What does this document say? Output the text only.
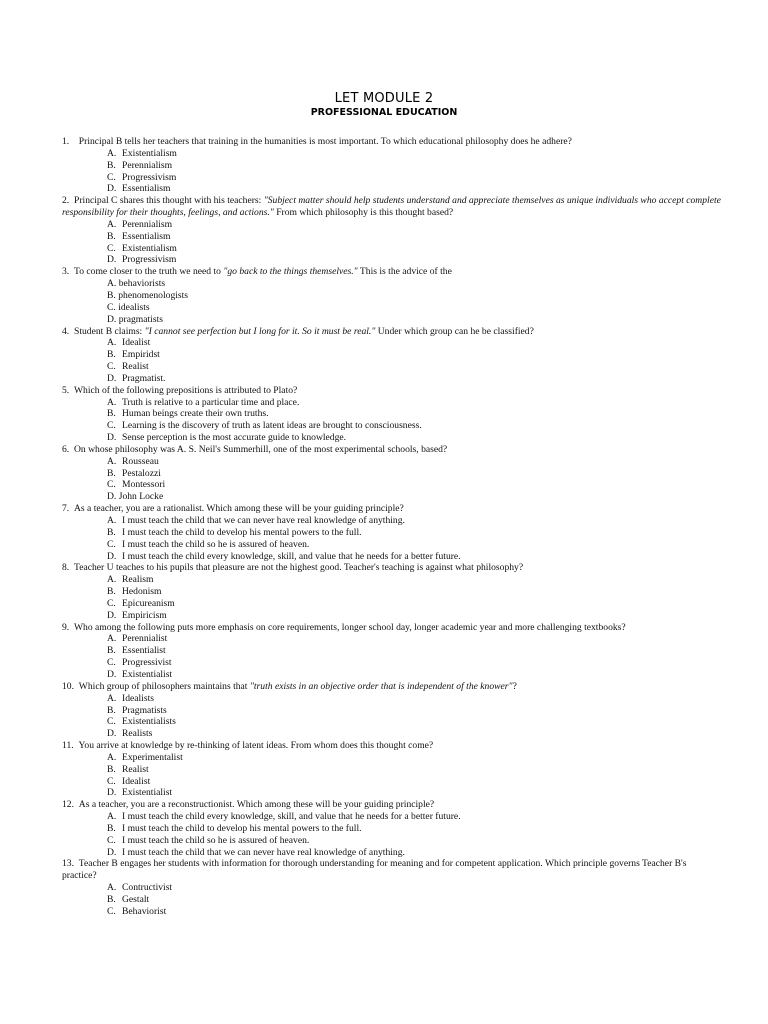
LET MODULE 2
PROFESSIONAL EDUCATION
1. Principal B tells her teachers that training in the humanities is most important. To which educational philosophy does he adhere?
A. Existentialism
B. Perennialism
C. Progressivism
D. Essentialism
2. Principal C shares this thought with his teachers: "Subject matter should help students understand and appreciate themselves as unique individuals who accept complete responsibility for their thoughts, feelings, and actions." From which philosophy is this thought based?
A. Perennialism
B. Essentialism
C. Existentialism
D. Progressivism
3. To come closer to the truth we need to "go back to the things themselves." This is the advice of the
A. behaviorists
B. phenomenologists
C. idealists
D. pragmatists
4. Student B claims: "I cannot see perfection but I long for it. So it must be real." Under which group can he be classified?
A. Idealist
B. Empiridst
C. Realist
D. Pragmatist.
5. Which of the following prepositions is attributed to Plato?
A. Truth is relative to a particular time and place.
B. Human beings create their own truths.
C. Learning is the discovery of truth as latent ideas are brought to consciousness.
D. Sense perception is the most accurate guide to knowledge.
6. On whose philosophy was A. S. Neil's Summerhill, one of the most experimental schools, based?
A. Rousseau
B. Pestalozzi
C. Montessori
D. John Locke
7. As a teacher, you are a rationalist. Which among these will be your guiding principle?
A. I must teach the child that we can never have real knowledge of anything.
B. I must teach the child to develop his mental powers to the full.
C. I must teach the child so he is assured of heaven.
D. I must teach the child every knowledge, skill, and value that he needs for a better future.
8. Teacher U teaches to his pupils that pleasure are not the highest good. Teacher's teaching is against what philosophy?
A. Realism
B. Hedonism
C. Epicureanism
D. Empiricism
9. Who among the following puts more emphasis on core requirements, longer school day, longer academic year and more challenging textbooks?
A. Perennialist
B. Essentialist
C. Progressivist
D. Existentialist
10. Which group of philosophers maintains that "truth exists in an objective order that is independent of the knower"?
A. Idealists
B. Pragmatists
C. Existentialists
D. Realists
11. You arrive at knowledge by re-thinking of latent ideas. From whom does this thought come?
A. Experimentalist
B. Realist
C. Idealist
D. Existentialist
12. As a teacher, you are a reconstructionist. Which among these will be your guiding principle?
A. I must teach the child every knowledge, skill, and value that he needs for a better future.
B. I must teach the child to develop his mental powers to the full.
C. I must teach the child so he is assured of heaven.
D. I must teach the child that we can never have real knowledge of anything.
13. Teacher B engages her students with information for thorough understanding for meaning and for competent application. Which principle governs Teacher B's practice?
A. Contructivist
B. Gestalt
C. Behaviorist
